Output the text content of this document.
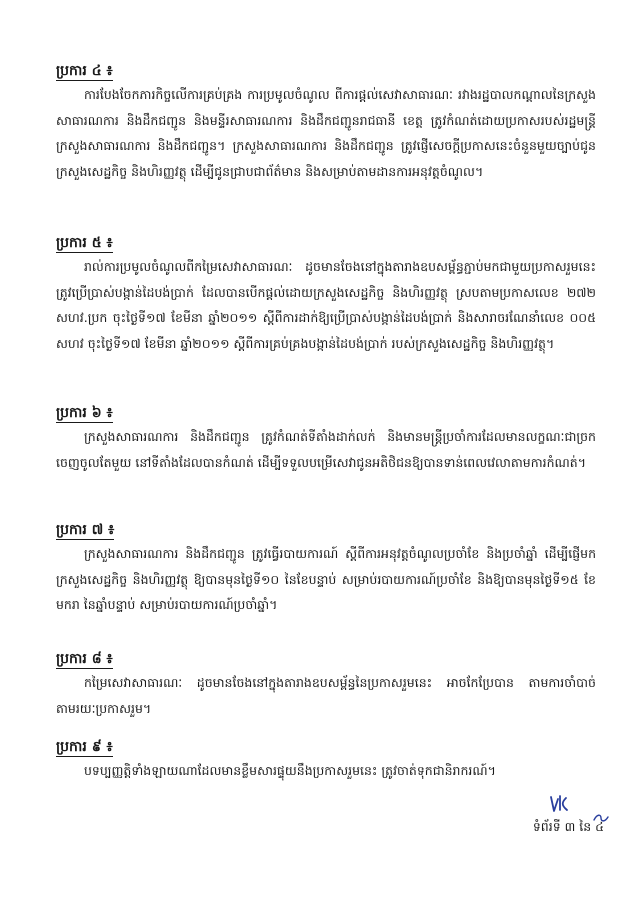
ប្រការ ៤ ៖

ការបែងចែកភារកិច្ចលើការគ្រប់គ្រង ការប្រមូលចំណូល ពីការផ្តល់សេវាសាធារណៈ រវាងរដ្ឋបាលកណ្តាលនៃក្រសួងសាធារណការ និងដឹកជញ្ជូន និងមន្ទីរសាធារណការ និងដឹកជញ្ជូនរាជធានី ខេត្ត ត្រូវកំណត់ដោយប្រកាសរបស់រដ្ឋមន្ត្រីក្រសួងសាធារណការ និងដឹកជញ្ជូន។ ក្រសួងសាធារណការ និងដឹកជញ្ជូន ត្រូវផ្ញើសេចក្តីប្រកាសនេះចំនួនមួយច្បាប់ជូនក្រសួងសេដ្ឋកិច្ច និងហិរញ្ញវត្ថុ ដើម្បីជូនជ្រាបជាព័ត៌មាន និងសម្រាប់តាមដានការអនុវត្តចំណូល។

ប្រការ ៥ ៖

រាល់ការប្រមូលចំណូលពីកម្រៃសេវាសាធារណៈ ដូចមានចែងនៅក្នុងតារាងឧបសម្ព័ន្ធភ្ជាប់មកជាមួយប្រកាសរួមនេះ ត្រូវប្រើប្រាស់បង្កាន់ដៃបង់ប្រាក់ ដែលបានបើកផ្តល់ដោយក្រសួងសេដ្ឋកិច្ច និងហិរញ្ញវត្ថុ ស្របតាមប្រកាសលេខ ២៧២ សហវ.ប្រក ចុះថ្ងៃទី១៧ ខែមីនា ឆ្នាំ២០១១ ស្តីពីការដាក់ឱ្យប្រើប្រាស់បង្កាន់ដៃបង់ប្រាក់ និងសារាចរណែនាំលេខ ០០៥ សហវ ចុះថ្ងៃទី១៧ ខែមីនា ឆ្នាំ២០១១ ស្តីពីការគ្រប់គ្រងបង្កាន់ដៃបង់ប្រាក់ របស់ក្រសួងសេដ្ឋកិច្ច និងហិរញ្ញវត្ថុ។

ប្រការ ៦ ៖

ក្រសួងសាធារណការ និងដឹកជញ្ជូន ត្រូវកំណត់ទីតាំងដាក់លក់ និងមានមន្ត្រីប្រចាំការដែលមានលក្ខណៈជាច្រកចេញចូលតែមួយ នៅទីតាំងដែលបានកំណត់ ដើម្បីទទួលបម្រើសេវាជូនអតិថិជនឱ្យបានទាន់ពេលវេលាតាមការកំណត់។

ប្រការ ៧ ៖

ក្រសួងសាធារណការ និងដឹកជញ្ជូន ត្រូវធ្វើរបាយការណ៍ ស្តីពីការអនុវត្តចំណូលប្រចាំខែ និងប្រចាំឆ្នាំ ដើម្បីផ្ញើមកក្រសួងសេដ្ឋកិច្ច និងហិរញ្ញវត្ថុ ឱ្យបានមុនថ្ងៃទី១០ នៃខែបន្ទាប់ សម្រាប់របាយការណ៍ប្រចាំខែ និងឱ្យបានមុនថ្ងៃទី១៥ ខែមករា នៃឆ្នាំបន្ទាប់ សម្រាប់របាយការណ៍ប្រចាំឆ្នាំ។

ប្រការ ៨ ៖

កម្រៃសេវាសាធារណៈ ដូចមានចែងនៅក្នុងតារាងឧបសម្ព័ន្ធនៃប្រកាសរួមនេះ អាចកែប្រែបាន តាមការចាំបាច់តាមរយៈប្រកាសរួម។

ប្រការ ៩ ៖

បទប្បញ្ញត្តិទាំងឡាយណាដែលមានខ្លឹមសារផ្ទុយនឹងប្រកាសរួមនេះ ត្រូវចាត់ទុកជានិរាករណ៍។

ទំព័រទី ៣ នៃ ៤
